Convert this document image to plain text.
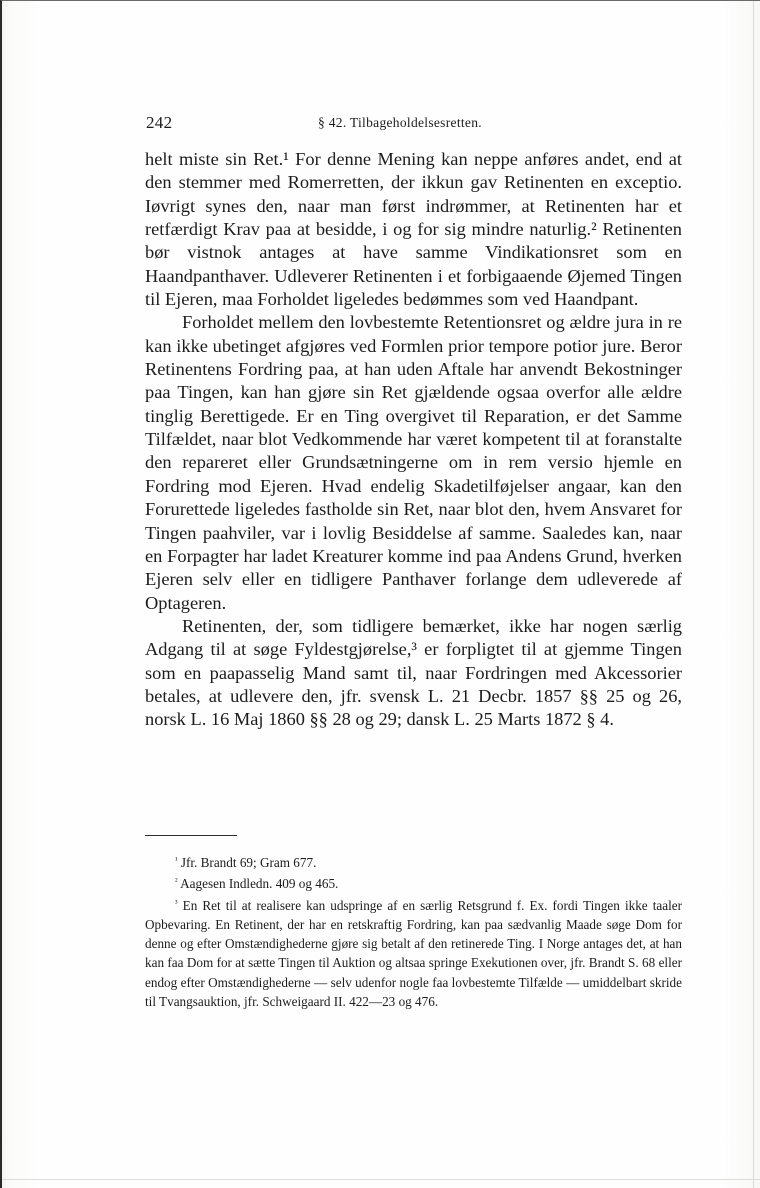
242	§ 42. Tilbageholdelsesretten.

helt miste sin Ret.¹ For denne Mening kan neppe anføres andet, end at den stemmer med Romerretten, der ikkun gav Retinenten en exceptio. Iøvrigt synes den, naar man først indrømmer, at Retinenten har et retfærdigt Krav paa at besidde, i og for sig mindre naturlig.² Retinenten bør vistnok antages at have samme Vindikationsret som en Haandpanthaver. Udleverer Retinenten i et forbigaaende Øjemed Tingen til Ejeren, maa Forholdet ligeledes bedømmes som ved Haandpant.

Forholdet mellem den lovbestemte Retentionsret og ældre jura in re kan ikke ubetinget afgjøres ved Formlen prior tempore potior jure. Beror Retinentens Fordring paa, at han uden Aftale har anvendt Bekostninger paa Tingen, kan han gjøre sin Ret gjældende ogsaa overfor alle ældre tinglig Berettigede. Er en Ting overgivet til Reparation, er det Samme Tilfældet, naar blot Vedkommende har været kompetent til at foranstalte den repareret eller Grundsætningerne om in rem versio hjemle en Fordring mod Ejeren. Hvad endelig Skadetilføjelser angaar, kan den Forurettede ligeledes fastholde sin Ret, naar blot den, hvem Ansvaret for Tingen paahviler, var i lovlig Besiddelse af samme. Saaledes kan, naar en Forpagter har ladet Kreaturer komme ind paa Andens Grund, hverken Ejeren selv eller en tidligere Panthaver forlange dem udleverede af Optageren.

Retinenten, der, som tidligere bemærket, ikke har nogen særlig Adgang til at søge Fyldestgjørelse,³ er forpligtet til at gjemme Tingen som en paapasselig Mand samt til, naar Fordringen med Akcessorier betales, at udlevere den, jfr. svensk L. 21 Decbr. 1857 §§ 25 og 26, norsk L. 16 Maj 1860 §§ 28 og 29; dansk L. 25 Marts 1872 § 4.

$^{^1}$ Jfr. Brandt 69; Gram 677.

$^{^2}$ Aagesen Indledn. 409 og 465.

$^{^3}$ En Ret til at realisere kan udspringe af en særlig Retsgrund f. Ex. fordi Tingen ikke taaler Opbevaring. En Retinent, der har en retskraftig Fordring, kan paa sædvanlig Maade søge Dom for denne og efter Omstændighederne gjøre sig betalt af den retinerede Ting. I Norge antages det, at han kan faa Dom for at sætte Tingen til Auktion og altsaa springe Exekutionen over, jfr. Brandt S. 68 eller endog efter Omstændighederne — selv udenfor nogle faa lovbestemte Tilfælde — umiddelbart skride til Tvangsauktion, jfr. Schweigaard II. 422—23 og 476.
